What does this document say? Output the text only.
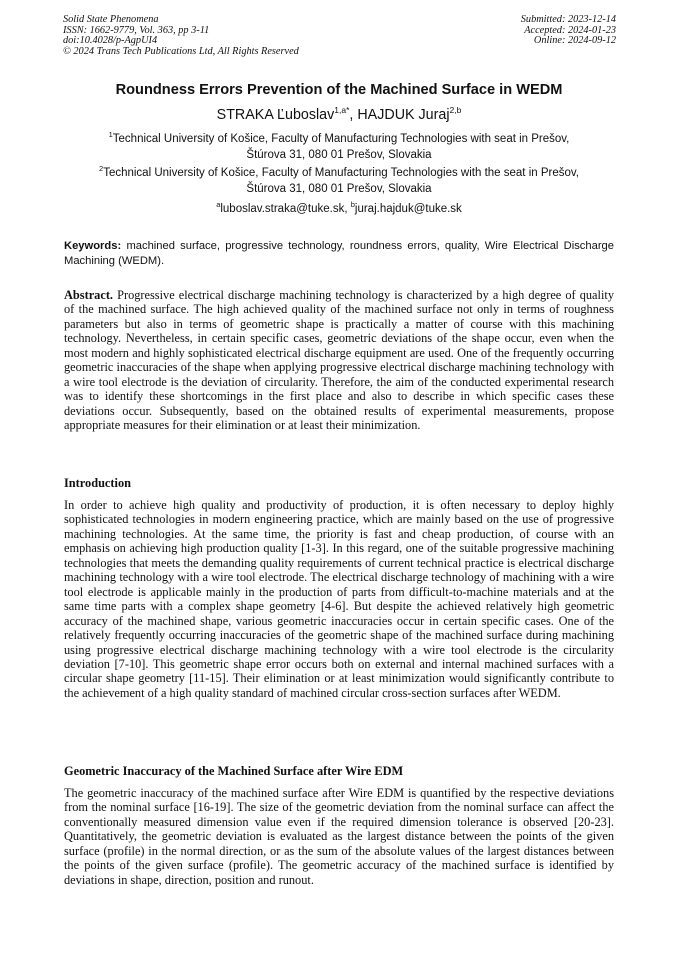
Solid State Phenomena
ISSN: 1662-9779, Vol. 363, pp 3-11
doi:10.4028/p-AgpUI4
© 2024 Trans Tech Publications Ltd, All Rights Reserved
Submitted: 2023-12-14
Accepted: 2024-01-23
Online: 2024-09-12
Roundness Errors Prevention of the Machined Surface in WEDM
STRAKA Ľuboslav$^{1,a*}$, HAJDUK Juraj$^{2,b}$
$^1$Technical University of Košice, Faculty of Manufacturing Technologies with seat in Prešov,
Štúrova 31, 080 01 Prešov, Slovakia
$^2$Technical University of Košice, Faculty of Manufacturing Technologies with the seat in Prešov,
Štúrova 31, 080 01 Prešov, Slovakia
$^a$luboslav.straka@tuke.sk, $^b$juraj.hajduk@tuke.sk
Keywords: machined surface, progressive technology, roundness errors, quality, Wire Electrical Discharge Machining (WEDM).

Abstract. Progressive electrical discharge machining technology is characterized by a high degree of quality of the machined surface. The high achieved quality of the machined surface not only in terms of roughness parameters but also in terms of geometric shape is practically a matter of course with this machining technology. Nevertheless, in certain specific cases, geometric deviations of the shape occur, even when the most modern and highly sophisticated electrical discharge equipment are used. One of the frequently occurring geometric inaccuracies of the shape when applying progressive electrical discharge machining technology with a wire tool electrode is the deviation of circularity. Therefore, the aim of the conducted experimental research was to identify these shortcomings in the first place and also to describe in which specific cases these deviations occur. Subsequently, based on the obtained results of experimental measurements, propose appropriate measures for their elimination or at least their minimization.

Introduction

In order to achieve high quality and productivity of production, it is often necessary to deploy highly sophisticated technologies in modern engineering practice, which are mainly based on the use of progressive machining technologies. At the same time, the priority is fast and cheap production, of course with an emphasis on achieving high production quality [1-3]. In this regard, one of the suitable progressive machining technologies that meets the demanding quality requirements of current technical practice is electrical discharge machining technology with a wire tool electrode. The electrical discharge technology of machining with a wire tool electrode is applicable mainly in the production of parts from difficult-to-machine materials and at the same time parts with a complex shape geometry [4-6]. But despite the achieved relatively high geometric accuracy of the machined shape, various geometric inaccuracies occur in certain specific cases. One of the relatively frequently occurring inaccuracies of the geometric shape of the machined surface during machining using progressive electrical discharge machining technology with a wire tool electrode is the circularity deviation [7-10]. This geometric shape error occurs both on external and internal machined surfaces with a circular shape geometry [11-15]. Their elimination or at least minimization would significantly contribute to the achievement of a high quality standard of machined circular cross-section surfaces after WEDM.

Geometric Inaccuracy of the Machined Surface after Wire EDM

The geometric inaccuracy of the machined surface after Wire EDM is quantified by the respective deviations from the nominal surface [16-19]. The size of the geometric deviation from the nominal surface can affect the conventionally measured dimension value even if the required dimension tolerance is observed [20-23]. Quantitatively, the geometric deviation is evaluated as the largest distance between the points of the given surface (profile) in the normal direction, or as the sum of the absolute values of the largest distances between the points of the given surface (profile). The geometric accuracy of the machined surface is identified by deviations in shape, direction, position and runout.
